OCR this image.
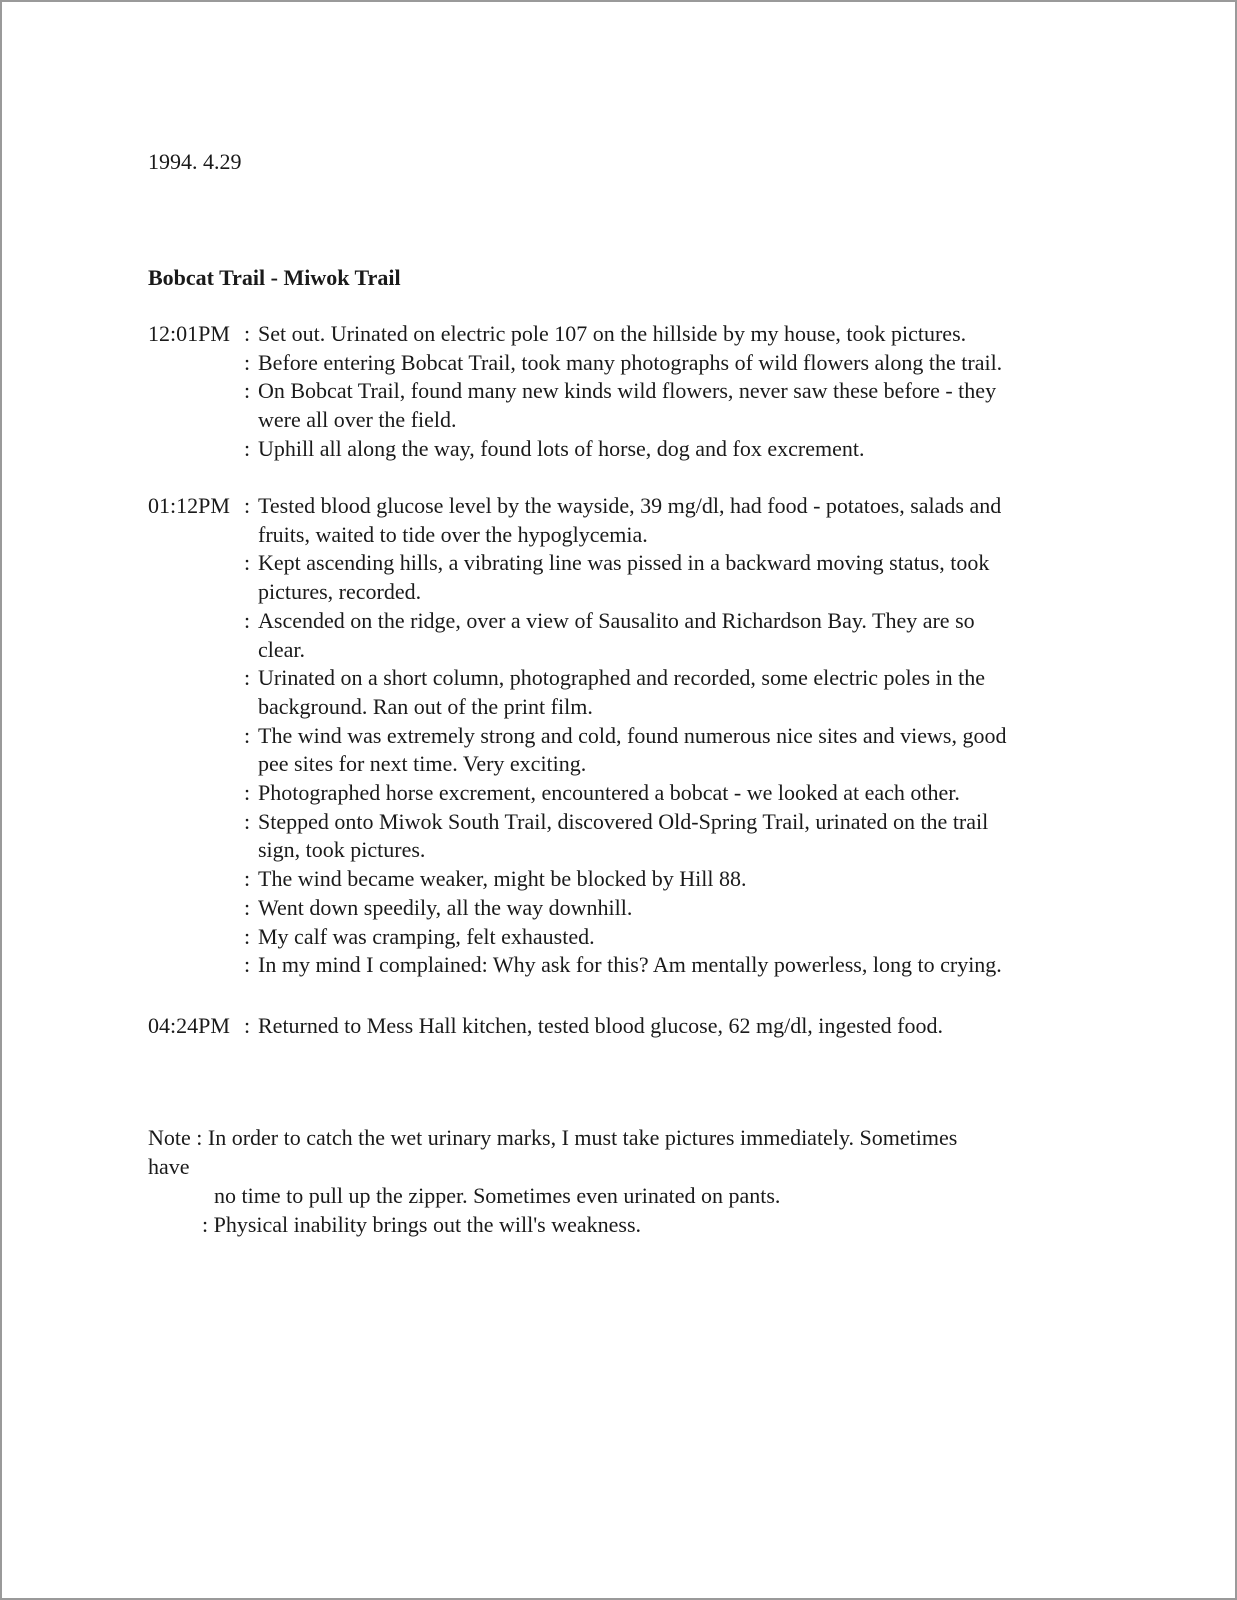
1994. 4.29
Bobcat Trail - Miwok Trail
12:01PM : Set out. Urinated on electric pole 107 on the hillside by my house, took pictures.
: Before entering Bobcat Trail, took many photographs of wild flowers along the trail.
: On Bobcat Trail, found many new kinds wild flowers, never saw these before - they
were all over the field.
: Uphill all along the way, found lots of horse, dog and fox excrement.
01:12PM : Tested blood glucose level by the wayside, 39 mg/dl, had food - potatoes, salads and
fruits, waited to tide over the hypoglycemia.
: Kept ascending hills, a vibrating line was pissed in a backward moving status, took
pictures, recorded.
: Ascended on the ridge, over a view of Sausalito and Richardson Bay. They are so
clear.
: Urinated on a short column, photographed and recorded, some electric poles in the
background. Ran out of the print film.
: The wind was extremely strong and cold, found numerous nice sites and views, good
pee sites for next time. Very exciting.
: Photographed horse excrement, encountered a bobcat - we looked at each other.
: Stepped onto Miwok South Trail, discovered Old-Spring Trail, urinated on the trail
sign, took pictures.
: The wind became weaker, might be blocked by Hill 88.
: Went down speedily, all the way downhill.
: My calf was cramping, felt exhausted.
: In my mind I complained: Why ask for this? Am mentally powerless, long to crying.
04:24PM : Returned to Mess Hall kitchen, tested blood glucose, 62 mg/dl, ingested food.
Note : In order to catch the wet urinary marks, I must take pictures immediately. Sometimes
have
no time to pull up the zipper. Sometimes even urinated on pants.
: Physical inability brings out the will's weakness.
